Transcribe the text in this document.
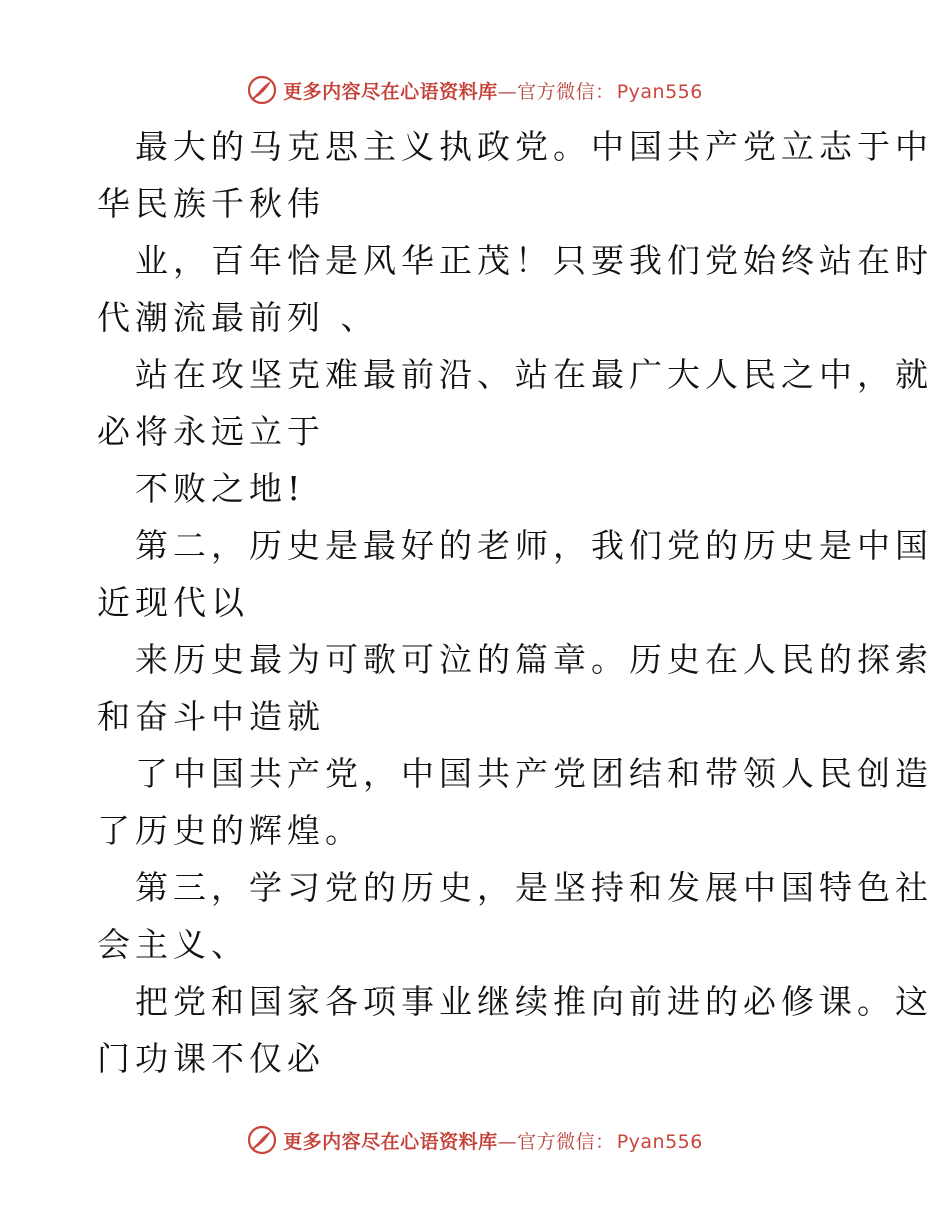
更多内容尽在心语资料库—官方微信： Pyan556

最大的马克思主义执政党。中国共产党立志于中
华民族千秋伟

业，百年恰是风华正茂！只要我们党始终站在时
代潮流最前列 、

站在攻坚克难最前沿、站在最广大人民之中，就
必将永远立于

不败之地!

第二，历史是最好的老师，我们党的历史是中国
近现代以

来历史最为可歌可泣的篇章。历史在人民的探索
和奋斗中造就

了中国共产党，中国共产党团结和带领人民创造
了历史的辉煌。

第三，学习党的历史，是坚持和发展中国特色社
会主义、

把党和国家各项事业继续推向前进的必修课。这
门功课不仅必

更多内容尽在心语资料库—官方微信： Pyan556
